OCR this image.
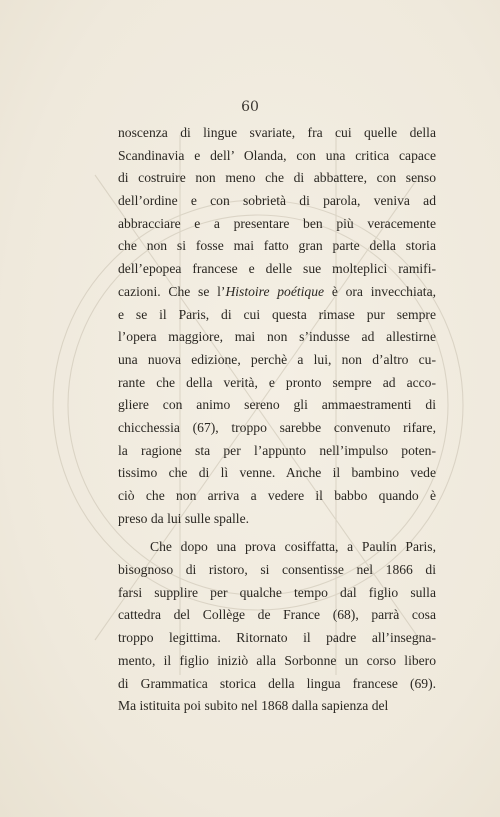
60
noscenza di lingue svariate, fra cui quelle della
Scandinavia e dell’ Olanda, con una critica capace
di costruire non meno che di abbattere, con senso
dell’ordine e con sobrietà di parola, veniva ad
abbracciare e a presentare ben più veracemente
che non si fosse mai fatto gran parte della storia
dell’epopea francese e delle sue molteplici ramifi-
cazioni. Che se l’Histoire poétique è ora invecchiata,
e se il Paris, di cui questa rimase pur sempre
l’opera maggiore, mai non s’indusse ad allestirne
una nuova edizione, perchè a lui, non d’altro cu-
rante che della verità, e pronto sempre ad acco-
gliere con animo sereno gli ammaestramenti di
chicchessia (67), troppo sarebbe convenuto rifare,
la ragione sta per l’appunto nell’impulso poten-
tissimo che di lì venne. Anche il bambino vede
ciò che non arriva a vedere il babbo quando è
preso da lui sulle spalle.
Che dopo una prova cosiffatta, a Paulin Paris,
bisognoso di ristoro, si consentisse nel 1866 di
farsi supplire per qualche tempo dal figlio sulla
cattedra del Collège de France (68), parrà cosa
troppo legittima. Ritornato il padre all’insegna-
mento, il figlio iniziò alla Sorbonne un corso libero
di Grammatica storica della lingua francese (69).
Ma istituita poi subito nel 1868 dalla sapienza del
